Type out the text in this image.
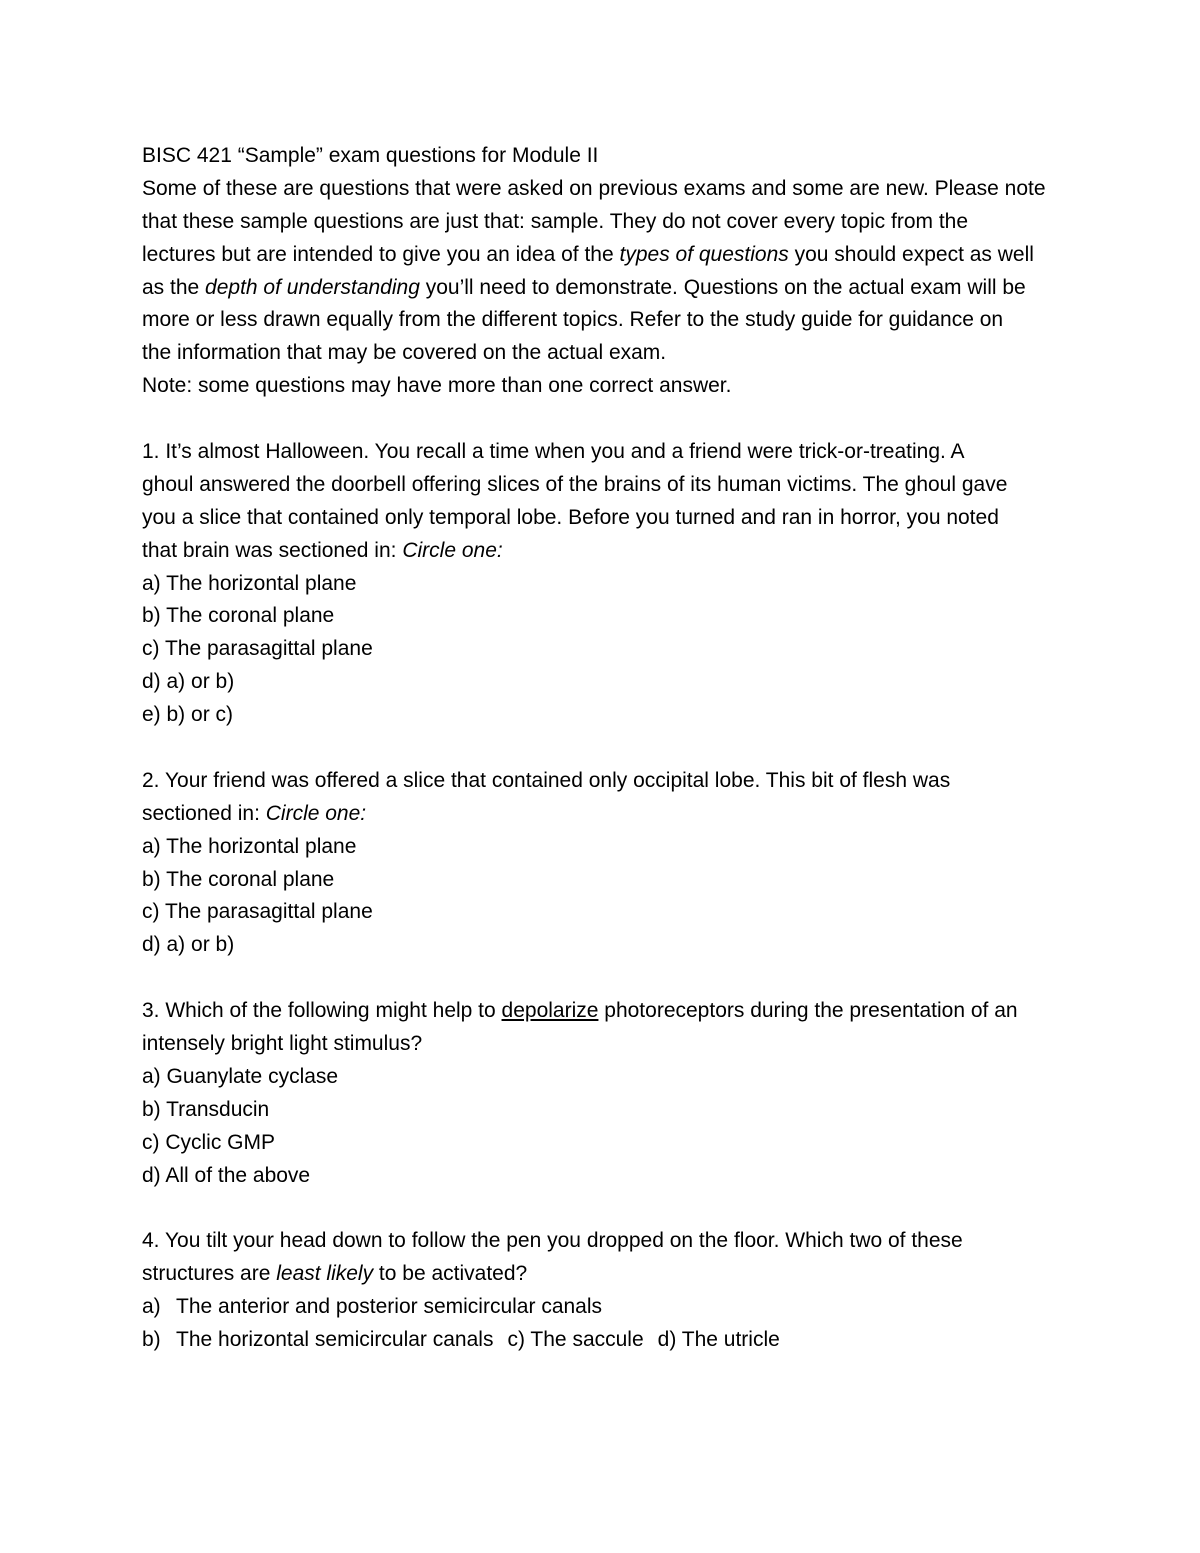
BISC 421 “Sample” exam questions for Module II
Some of these are questions that were asked on previous exams and some are new. Please note
that these sample questions are just that: sample. They do not cover every topic from the
lectures but are intended to give you an idea of the types of questions you should expect as well
as the depth of understanding you’ll need to demonstrate. Questions on the actual exam will be
more or less drawn equally from the different topics. Refer to the study guide for guidance on
the information that may be covered on the actual exam.
Note: some questions may have more than one correct answer.
1. It’s almost Halloween. You recall a time when you and a friend were trick-or-treating. A
ghoul answered the doorbell offering slices of the brains of its human victims. The ghoul gave
you a slice that contained only temporal lobe. Before you turned and ran in horror, you noted
that brain was sectioned in: Circle one:
a) The horizontal plane
b) The coronal plane
c) The parasagittal plane
d) a) or b)
e) b) or c)
2. Your friend was offered a slice that contained only occipital lobe. This bit of flesh was
sectioned in: Circle one:
a) The horizontal plane
b) The coronal plane
c) The parasagittal plane
d) a) or b)
3. Which of the following might help to depolarize photoreceptors during the presentation of an
intensely bright light stimulus?
a) Guanylate cyclase
b) Transducin
c) Cyclic GMP
d) All of the above
4. You tilt your head down to follow the pen you dropped on the floor. Which two of these
structures are least likely to be activated?
a) The anterior and posterior semicircular canals
b) The horizontal semicircular canals c) The saccule d) The utricle
